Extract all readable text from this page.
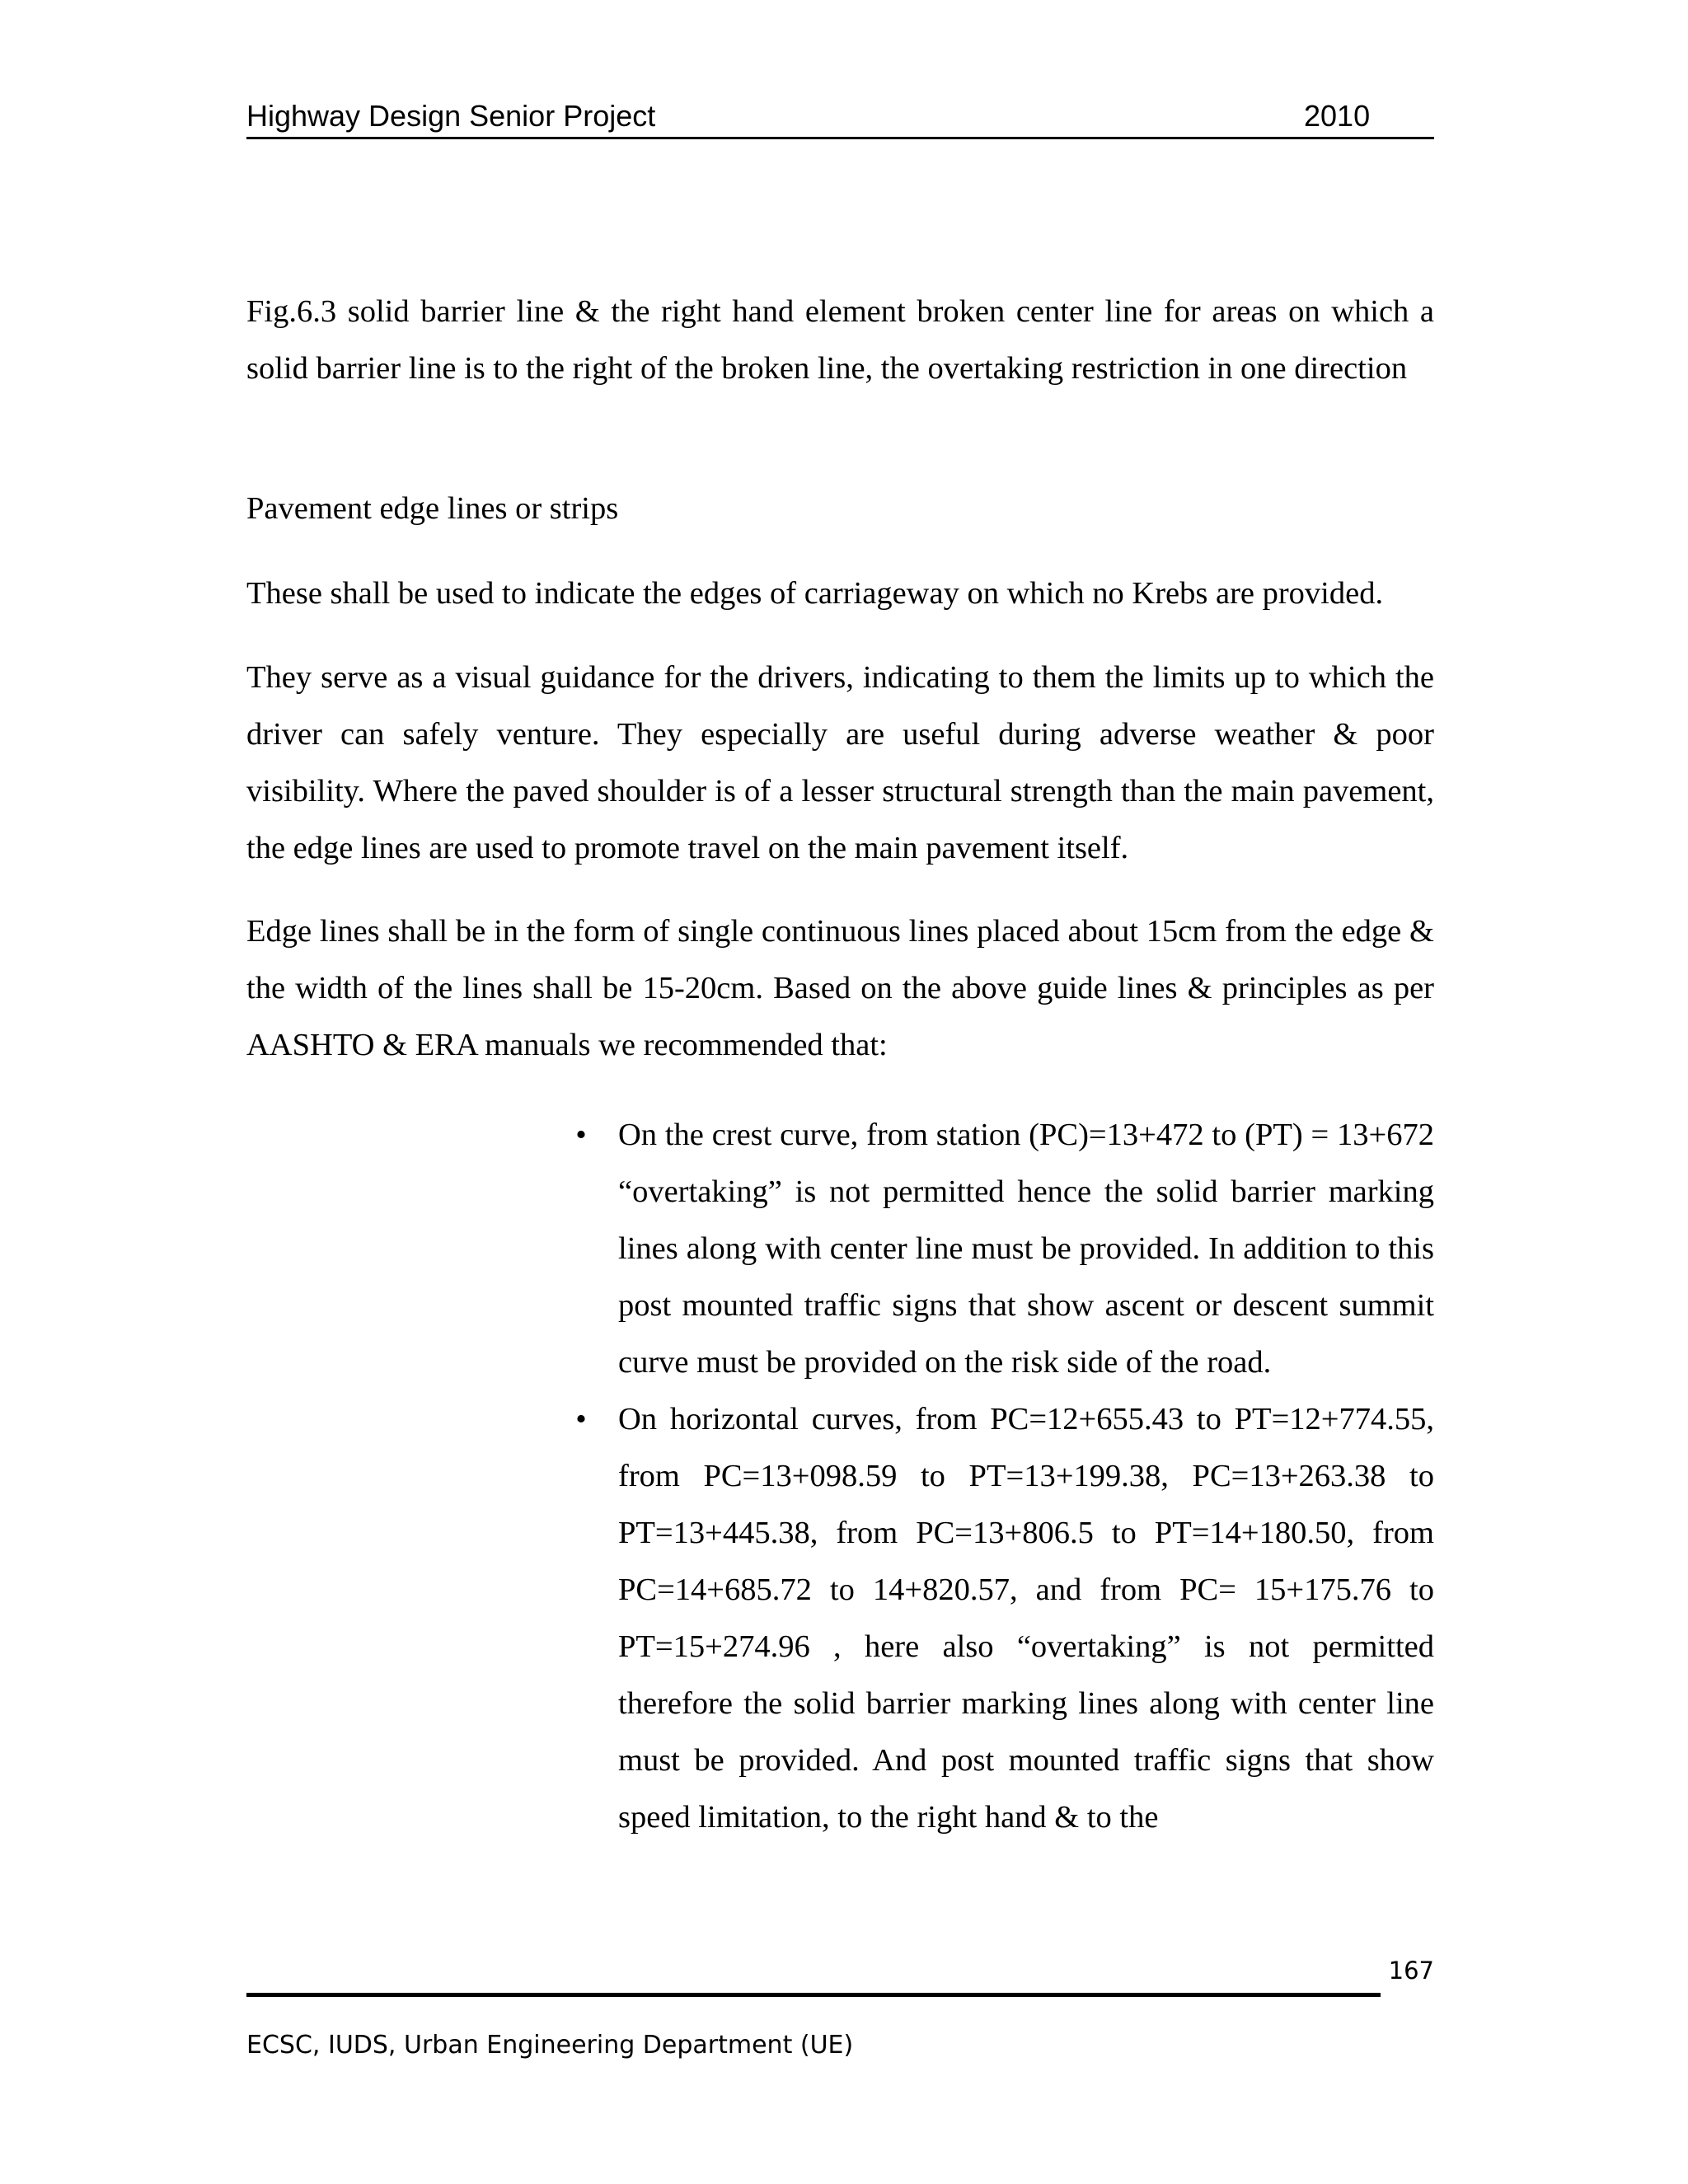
Highway Design Senior Project	2010

Fig.6.3 solid barrier line & the right hand element broken center line for areas on which a solid barrier line is to the right of the broken line, the overtaking restriction in one direction

Pavement edge lines or strips

These shall be used to indicate the edges of carriageway on which no Krebs are provided.

They serve as a visual guidance for the drivers, indicating to them the limits up to which the driver can safely venture. They especially are useful during adverse weather & poor visibility. Where the paved shoulder is of a lesser structural strength than the main pavement, the edge lines are used to promote travel on the main pavement itself.

Edge lines shall be in the form of single continuous lines placed about 15cm from the edge & the width of the lines shall be 15-20cm. Based on the above guide lines & principles as per AASHTO & ERA manuals we recommended that:

• On the crest curve, from station (PC)=13+472 to (PT) = 13+672 “overtaking” is not permitted hence the solid barrier marking lines along with center line must be provided. In addition to this post mounted traffic signs that show ascent or descent summit curve must be provided on the risk side of the road.
• On horizontal curves, from PC=12+655.43 to PT=12+774.55, from PC=13+098.59 to PT=13+199.38, PC=13+263.38 to PT=13+445.38, from PC=13+806.5 to PT=14+180.50, from PC=14+685.72 to 14+820.57, and from PC= 15+175.76 to PT=15+274.96 , here also “overtaking” is not permitted therefore the solid barrier marking lines along with center line must be provided. And post mounted traffic signs that show speed limitation, to the right hand & to the
167
ECSC, IUDS, Urban Engineering Department (UE)
